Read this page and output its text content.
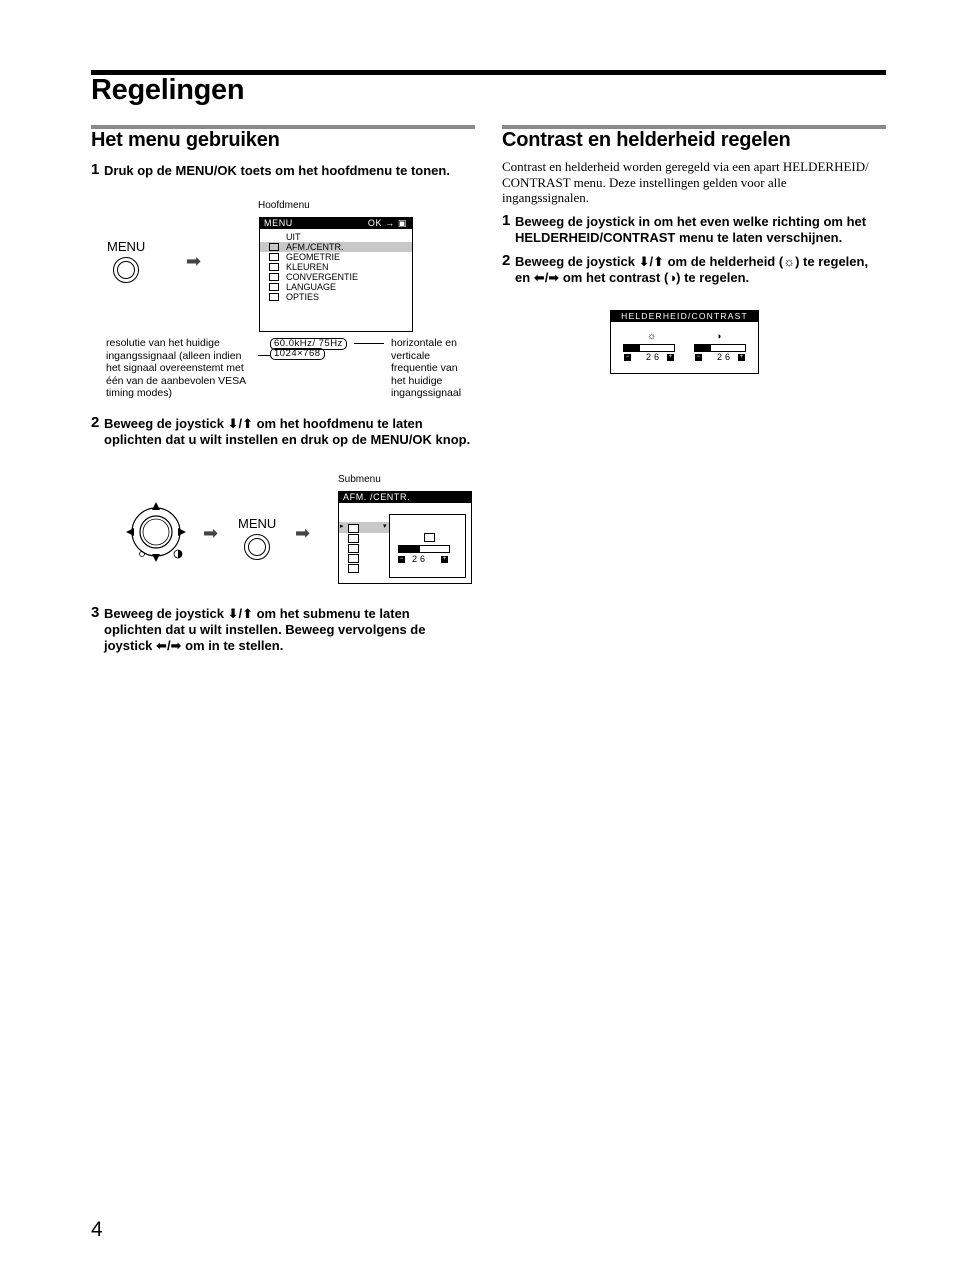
Regelingen
Het menu gebruiken
1 Druk op de MENU/OK toets om het hoofdmenu te tonen.
Hoofdmenu
MENU
➡
MENU	OK → ▣
UIT
AFM./CENTR.
GEOMETRIE
KLEUREN
CONVERGENTIE
LANGUAGE
OPTIES
resolutie van het huidige
ingangssignaal (alleen indien
het signaal overeenstemt met
één van de aanbevolen VESA
timing modes)
60.0kHz/ 75Hz
1024×768
horizontale en
verticale
frequentie van
het huidige
ingangssignaal
2 Beweeg de joystick ⬇/⬆ om het hoofdmenu te laten
oplichten dat u wilt instellen en druk op de MENU/OK knop.
Submenu
➡ MENU ➡
AFM. /CENTR.
▸	▾
− 26 +
3 Beweeg de joystick ⬇/⬆ om het submenu te laten
oplichten dat u wilt instellen. Beweeg vervolgens de
joystick ⬅/➡ om in te stellen.
Contrast en helderheid regelen
Contrast en helderheid worden geregeld via een apart HELDERHEID/
CONTRAST menu. Deze instellingen gelden voor alle
ingangssignalen.
1 Beweeg de joystick in om het even welke richting om het
HELDERHEID/CONTRAST menu te laten verschijnen.
2 Beweeg de joystick ⬇/⬆ om de helderheid (☼) te regelen,
en ⬅/➡ om het contrast (◑) te regelen.
HELDERHEID/CONTRAST
☼	◑
− 26 +	− 26 +
4
